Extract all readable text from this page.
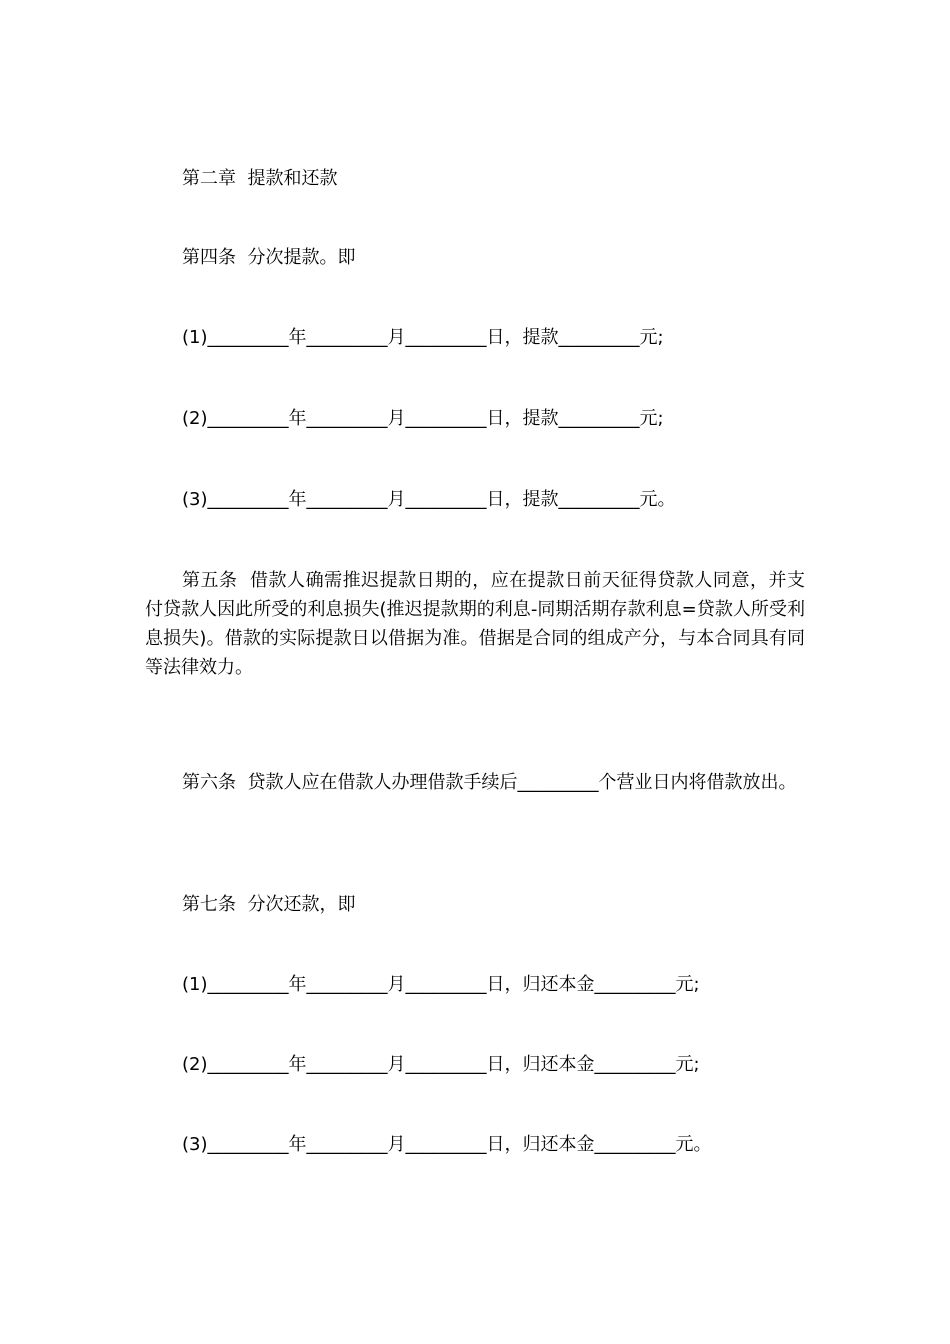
第二章  提款和还款

第四条  分次提款。即

(1)_________年_________月_________日，提款_________元;

(2)_________年_________月_________日，提款_________元;

(3)_________年_________月_________日，提款_________元。

第五条  借款人确需推迟提款日期的，应在提款日前天征得贷款人同意，并支付贷款人因此所受的利息损失(推迟提款期的利息-同期活期存款利息=贷款人所受利息损失)。借款的实际提款日以借据为准。借据是合同的组成产分，与本合同具有同等法律效力。

第六条  贷款人应在借款人办理借款手续后_________个营业日内将借款放出。

第七条  分次还款，即

(1)_________年_________月_________日，归还本金_________元;

(2)_________年_________月_________日，归还本金_________元;

(3)_________年_________月_________日，归还本金_________元。
